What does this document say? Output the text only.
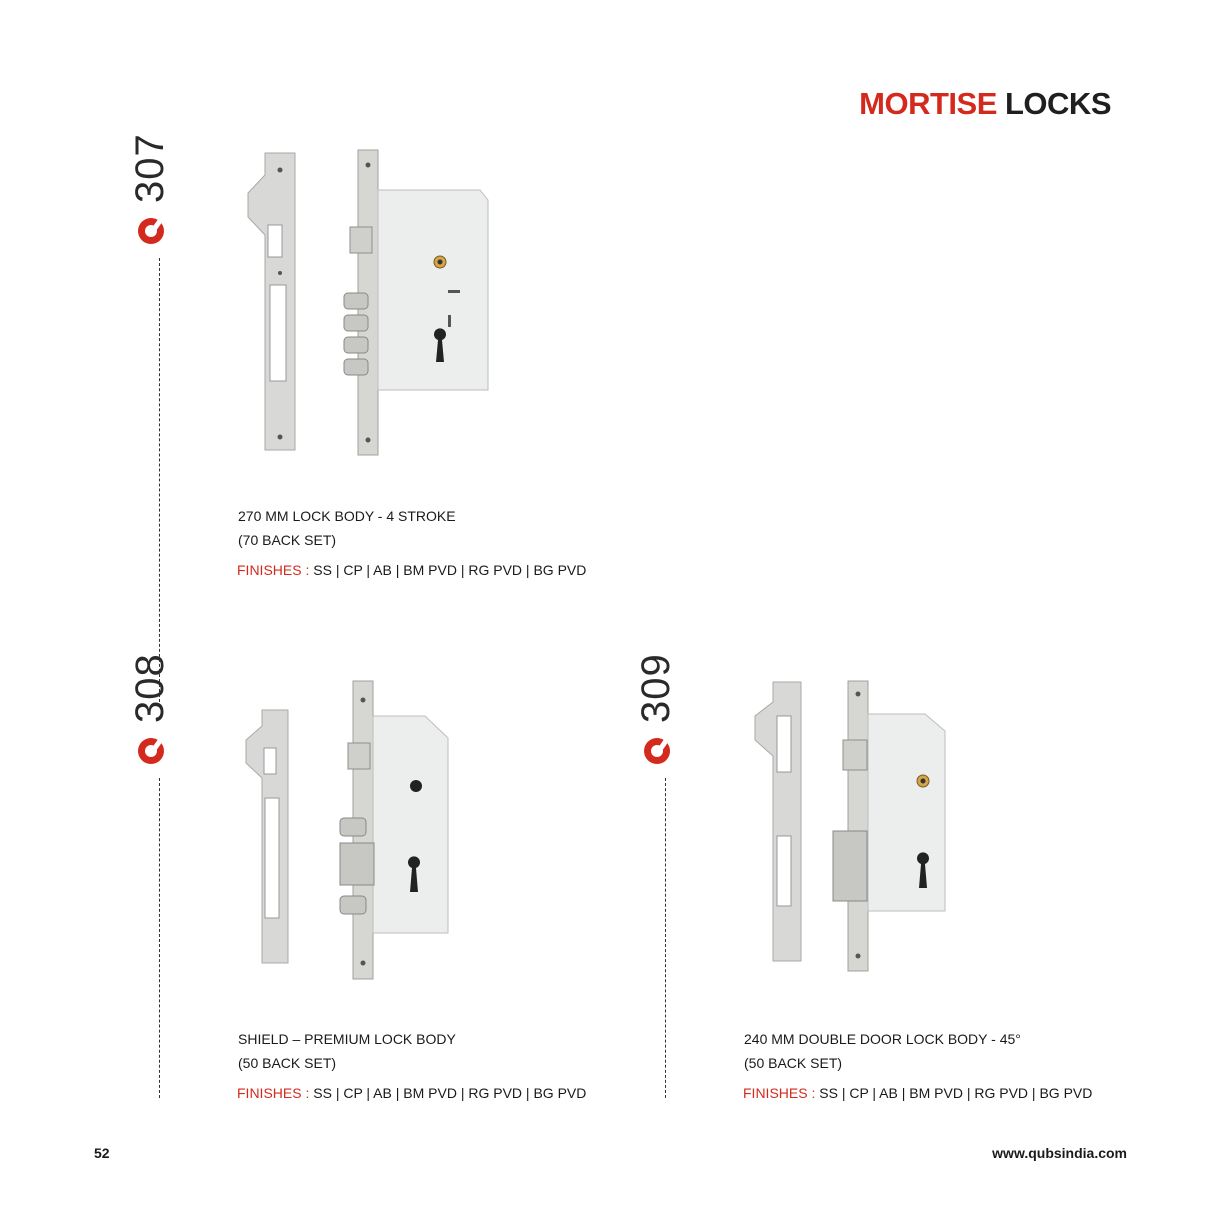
MORTISE LOCKS
307
270 MM LOCK BODY - 4 STROKE
(70 BACK SET)
FINISHES : SS | CP | AB | BM PVD | RG PVD | BG PVD
308
SHIELD – PREMIUM LOCK BODY
(50 BACK SET)
FINISHES : SS | CP | AB | BM PVD | RG PVD | BG PVD
309
240 MM DOUBLE DOOR LOCK BODY - 45°
(50 BACK SET)
FINISHES : SS | CP | AB | BM PVD | RG PVD | BG PVD
52	www.qubsindia.com
